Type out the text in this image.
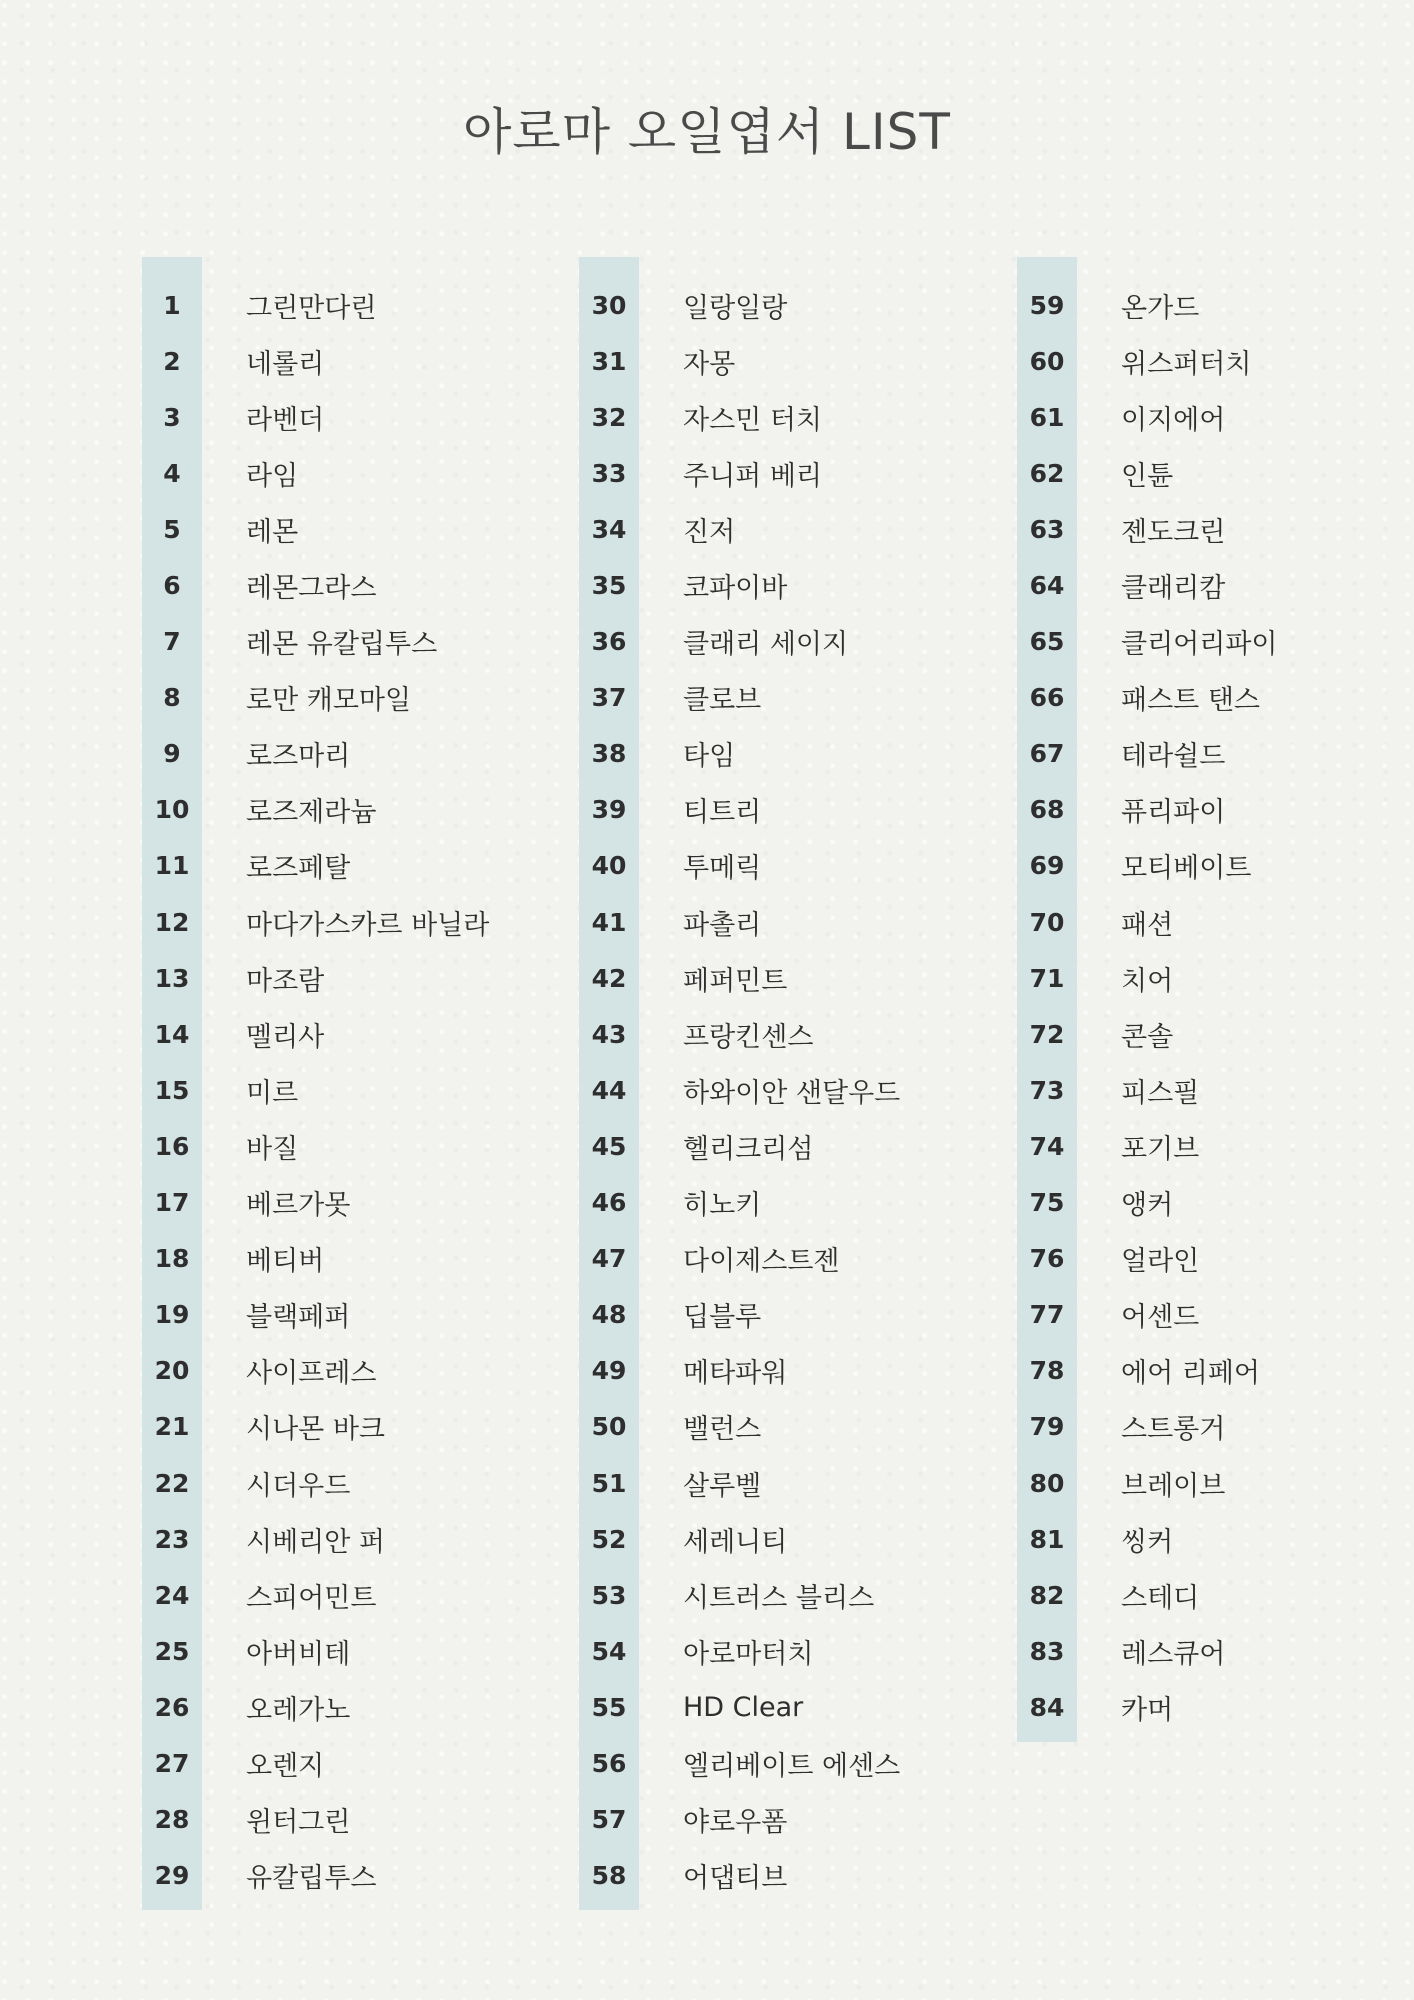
아로마 오일엽서 LIST
1	그린만다린
2	네롤리
3	라벤더
4	라임
5	레몬
6	레몬그라스
7	레몬 유칼립투스
8	로만 캐모마일
9	로즈마리
10	로즈제라늄
11	로즈페탈
12	마다가스카르 바닐라
13	마조람
14	멜리사
15	미르
16	바질
17	베르가못
18	베티버
19	블랙페퍼
20	사이프레스
21	시나몬 바크
22	시더우드
23	시베리안 퍼
24	스피어민트
25	아버비테
26	오레가노
27	오렌지
28	윈터그린
29	유칼립투스
30	일랑일랑
31	자몽
32	자스민 터치
33	주니퍼 베리
34	진저
35	코파이바
36	클래리 세이지
37	클로브
38	타임
39	티트리
40	투메릭
41	파촐리
42	페퍼민트
43	프랑킨센스
44	하와이안 샌달우드
45	헬리크리섬
46	히노키
47	다이제스트젠
48	딥블루
49	메타파워
50	밸런스
51	살루벨
52	세레니티
53	시트러스 블리스
54	아로마터치
55	HD Clear
56	엘리베이트 에센스
57	야로우폼
58	어댑티브
59	온가드
60	위스퍼터치
61	이지에어
62	인튠
63	젠도크린
64	클래리캄
65	클리어리파이
66	패스트 탠스
67	테라쉴드
68	퓨리파이
69	모티베이트
70	패션
71	치어
72	콘솔
73	피스필
74	포기브
75	앵커
76	얼라인
77	어센드
78	에어 리페어
79	스트롱거
80	브레이브
81	씽커
82	스테디
83	레스큐어
84	카머
